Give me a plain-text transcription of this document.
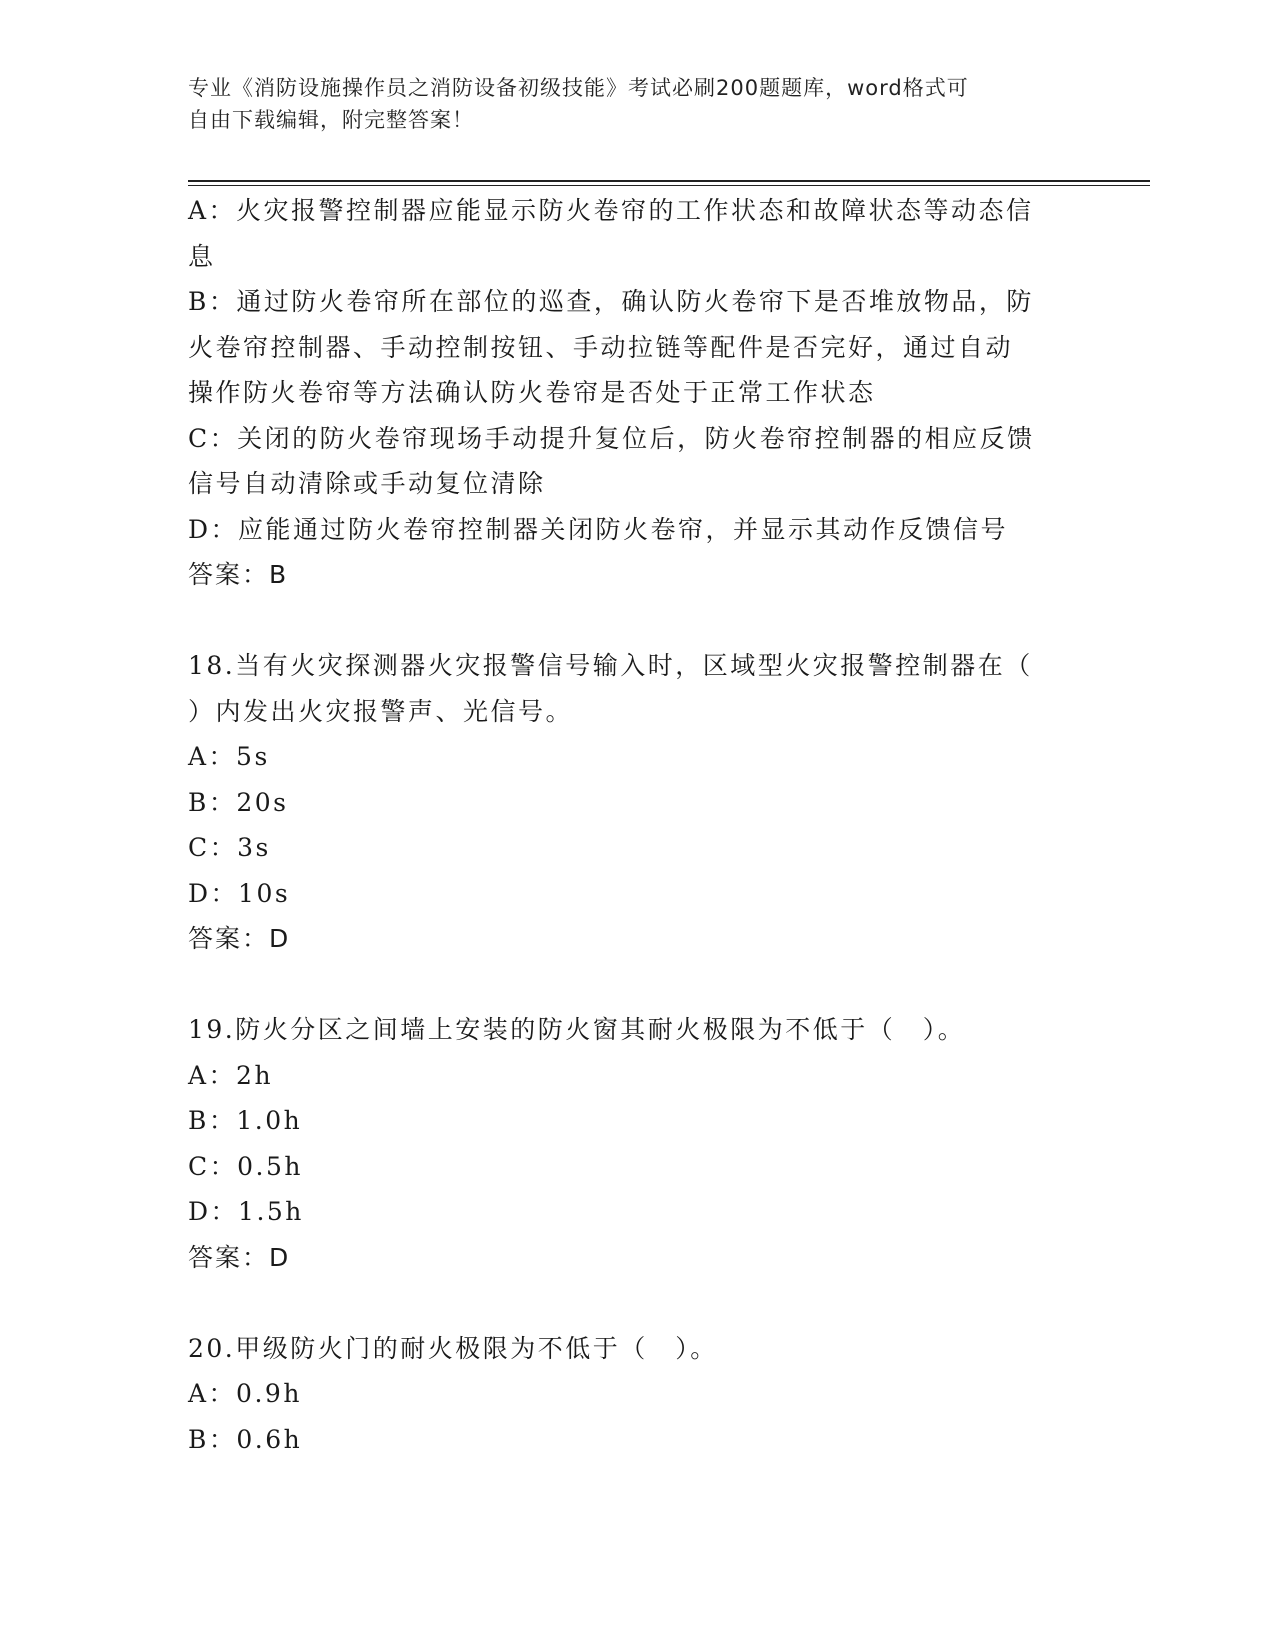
专业《消防设施操作员之消防设备初级技能》考试必刷200题题库，word格式可
自由下载编辑，附完整答案！

A：火灾报警控制器应能显示防火卷帘的工作状态和故障状态等动态信

息

B：通过防火卷帘所在部位的巡查，确认防火卷帘下是否堆放物品，防

火卷帘控制器、手动控制按钮、手动拉链等配件是否完好，通过自动

操作防火卷帘等方法确认防火卷帘是否处于正常工作状态

C：关闭的防火卷帘现场手动提升复位后，防火卷帘控制器的相应反馈

信号自动清除或手动复位清除

D：应能通过防火卷帘控制器关闭防火卷帘，并显示其动作反馈信号

答案：B

18.当有火灾探测器火灾报警信号输入时，区域型火灾报警控制器在（

）内发出火灾报警声、光信号。

A：5s

B：20s

C：3s

D：10s

答案：D

19.防火分区之间墙上安装的防火窗其耐火极限为不低于（　）。

A：2h

B：1.0h

C：0.5h

D：1.5h

答案：D

20.甲级防火门的耐火极限为不低于（　）。

A：0.9h

B：0.6h
